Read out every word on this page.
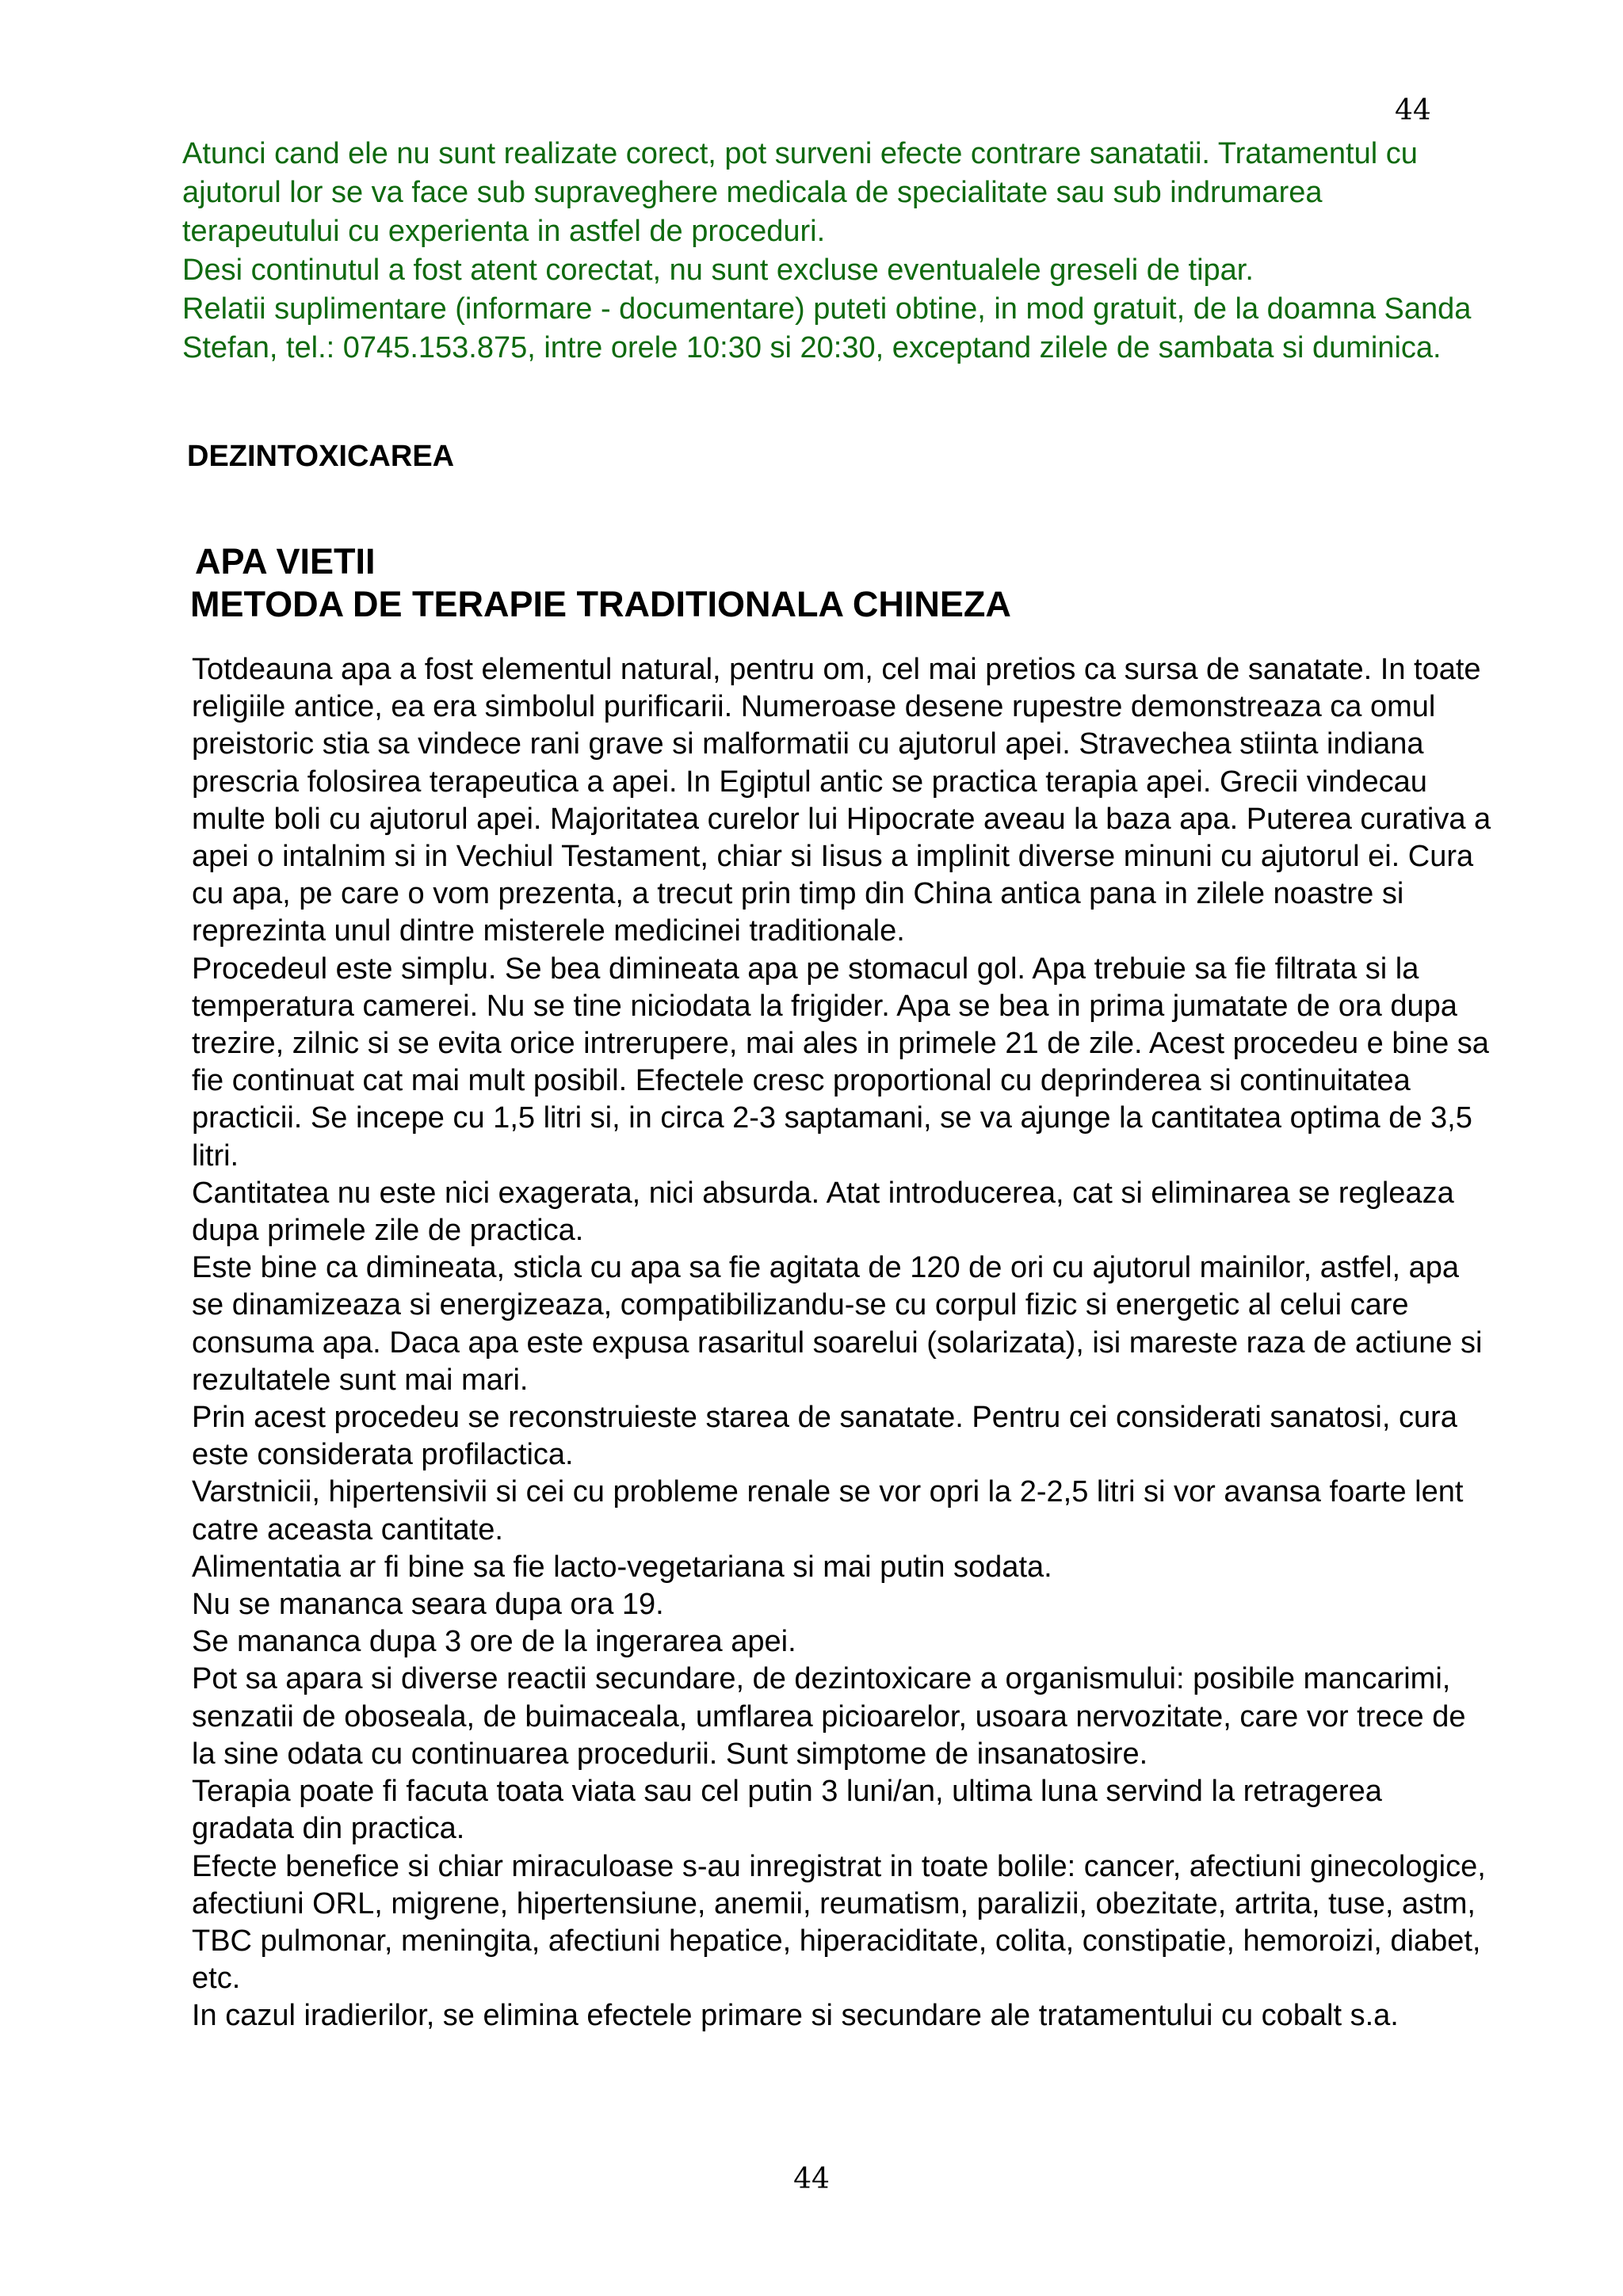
44

Atunci cand ele nu sunt realizate corect, pot surveni efecte contrare sanatatii. Tratamentul cu ajutorul lor se va face sub supraveghere medicala de specialitate sau sub indrumarea terapeutului cu experienta in astfel de proceduri.

Desi continutul a fost atent corectat, nu sunt excluse eventualele greseli de tipar.

Relatii suplimentare (informare - documentare) puteti obtine, in mod gratuit, de la doamna Sanda Stefan, tel.: 0745.153.875, intre orele 10:30 si 20:30, exceptand zilele de sambata si duminica.

DEZINTOXICAREA
APA VIETII
METODA DE TERAPIE TRADITIONALA CHINEZA

Totdeauna apa a fost elementul natural, pentru om, cel mai pretios ca sursa de sanatate. In toate religiile antice, ea era simbolul purificarii. Numeroase desene rupestre demonstreaza ca omul preistoric stia sa vindece rani grave si malformatii cu ajutorul apei. Stravechea stiinta indiana prescria folosirea terapeutica a apei. In Egiptul antic se practica terapia apei. Grecii vindecau multe boli cu ajutorul apei. Majoritatea curelor lui Hipocrate aveau la baza apa. Puterea curativa a apei o intalnim si in Vechiul Testament, chiar si Iisus a implinit diverse minuni cu ajutorul ei. Cura cu apa, pe care o vom prezenta, a trecut prin timp din China antica pana in zilele noastre si reprezinta unul dintre misterele medicinei traditionale.

Procedeul este simplu. Se bea dimineata apa pe stomacul gol. Apa trebuie sa fie filtrata si la temperatura camerei. Nu se tine niciodata la frigider. Apa se bea in prima jumatate de ora dupa trezire, zilnic si se evita orice intrerupere, mai ales in primele 21 de zile. Acest procedeu e bine sa fie continuat cat mai mult posibil. Efectele cresc proportional cu deprinderea si continuitatea practicii. Se incepe cu 1,5 litri si, in circa 2-3 saptamani, se va ajunge la cantitatea optima de 3,5 litri.

Cantitatea nu este nici exagerata, nici absurda. Atat introducerea, cat si eliminarea se regleaza dupa primele zile de practica.

Este bine ca dimineata, sticla cu apa sa fie agitata de 120 de ori cu ajutorul mainilor, astfel, apa se dinamizeaza si energizeaza, compatibilizandu-se cu corpul fizic si energetic al celui care consuma apa. Daca apa este expusa rasaritul soarelui (solarizata), isi mareste raza de actiune si rezultatele sunt mai mari.

Prin acest procedeu se reconstruieste starea de sanatate. Pentru cei considerati sanatosi, cura este considerata profilactica.

Varstnicii, hipertensivii si cei cu probleme renale se vor opri la 2-2,5 litri si vor avansa foarte lent catre aceasta cantitate.

Alimentatia ar fi bine sa fie lacto-vegetariana si mai putin sodata.

Nu se mananca seara dupa ora 19.

Se mananca dupa 3 ore de la ingerarea apei.

Pot sa apara si diverse reactii secundare, de dezintoxicare a organismului: posibile mancarimi, senzatii de oboseala, de buimaceala, umflarea picioarelor, usoara nervozitate, care vor trece de la sine odata cu continuarea procedurii. Sunt simptome de insanatosire.

Terapia poate fi facuta toata viata sau cel putin 3 luni/an, ultima luna servind la retragerea gradata din practica.

Efecte benefice si chiar miraculoase s-au inregistrat in toate bolile: cancer, afectiuni ginecologice, afectiuni ORL, migrene, hipertensiune, anemii, reumatism, paralizii, obezitate, artrita, tuse, astm, TBC pulmonar, meningita, afectiuni hepatice, hiperaciditate, colita, constipatie, hemoroizi, diabet, etc.

In cazul iradierilor, se elimina efectele primare si secundare ale tratamentului cu cobalt s.a.

44
